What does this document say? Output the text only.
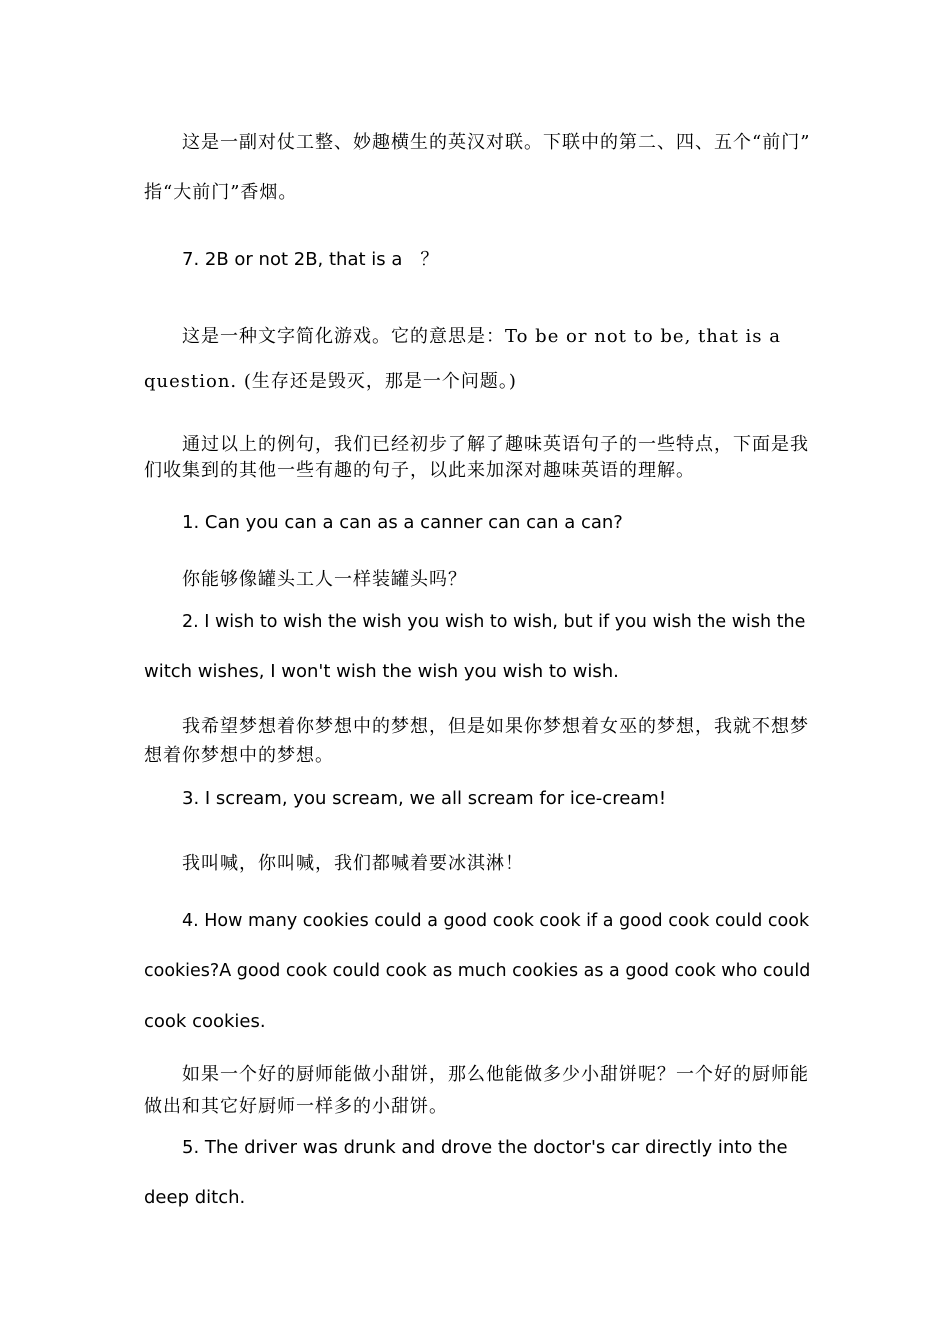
这是一副对仗工整、妙趣横生的英汉对联。下联中的第二、四、五个“前门”

指“大前门”香烟。

7. 2B or not 2B, that is a　？

这是一种文字简化游戏。它的意思是：To be or not to be, that is a

question. (生存还是毁灭，那是一个问题。)

通过以上的例句，我们已经初步了解了趣味英语句子的一些特点，下面是我

们收集到的其他一些有趣的句子，以此来加深对趣味英语的理解。

1. Can you can a can as a canner can can a can?

你能够像罐头工人一样装罐头吗？

2. I wish to wish the wish you wish to wish, but if you wish the wish the

witch wishes, I won't wish the wish you wish to wish.

我希望梦想着你梦想中的梦想，但是如果你梦想着女巫的梦想，我就不想梦

想着你梦想中的梦想。

3. I scream, you scream, we all scream for ice-cream!

我叫喊，你叫喊，我们都喊着要冰淇淋！

4. How many cookies could a good cook cook if a good cook could cook

cookies?A good cook could cook as much cookies as a good cook who could

cook cookies.

如果一个好的厨师能做小甜饼，那么他能做多少小甜饼呢？一个好的厨师能

做出和其它好厨师一样多的小甜饼。

5. The driver was drunk and drove the doctor's car directly into the

deep ditch.
